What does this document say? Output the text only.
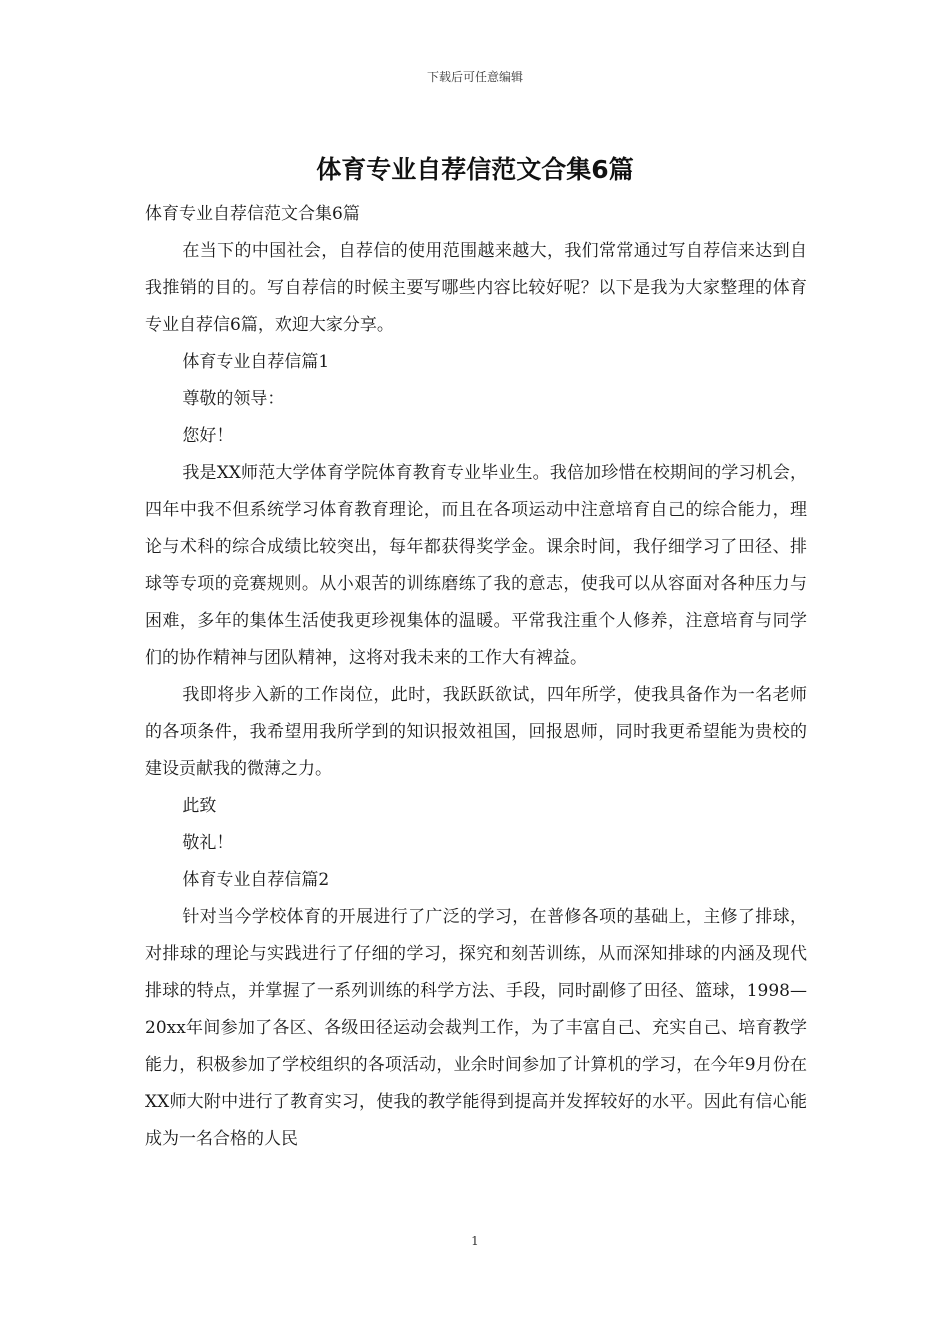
下载后可任意编辑
体育专业自荐信范文合集6篇

体育专业自荐信范文合集6篇

在当下的中国社会，自荐信的使用范围越来越大，我们常常通过写自荐信来达到自我推销的目的。写自荐信的时候主要写哪些内容比较好呢？以下是我为大家整理的体育专业自荐信6篇，欢迎大家分享。

体育专业自荐信篇1

尊敬的领导：

您好！

我是XX师范大学体育学院体育教育专业毕业生。我倍加珍惜在校期间的学习机会，四年中我不但系统学习体育教育理论，而且在各项运动中注意培育自己的综合能力，理论与术科的综合成绩比较突出，每年都获得奖学金。课余时间，我仔细学习了田径、排球等专项的竞赛规则。从小艰苦的训练磨练了我的意志，使我可以从容面对各种压力与困难，多年的集体生活使我更珍视集体的温暖。平常我注重个人修养，注意培育与同学们的协作精神与团队精神，这将对我未来的工作大有裨益。

我即将步入新的工作岗位，此时，我跃跃欲试，四年所学，使我具备作为一名老师的各项条件，我希望用我所学到的知识报效祖国，回报恩师，同时我更希望能为贵校的建设贡献我的微薄之力。

此致

敬礼！

体育专业自荐信篇2

针对当今学校体育的开展进行了广泛的学习，在普修各项的基础上，主修了排球，对排球的理论与实践进行了仔细的学习，探究和刻苦训练，从而深知排球的内涵及现代排球的特点，并掌握了一系列训练的科学方法、手段，同时副修了田径、篮球，1998—20xx年间参加了各区、各级田径运动会裁判工作，为了丰富自己、充实自己、培育教学能力，积极参加了学校组织的各项活动，业余时间参加了计算机的学习，在今年9月份在XX师大附中进行了教育实习，使我的教学能得到提高并发挥较好的水平。因此有信心能成为一名合格的人民

1
